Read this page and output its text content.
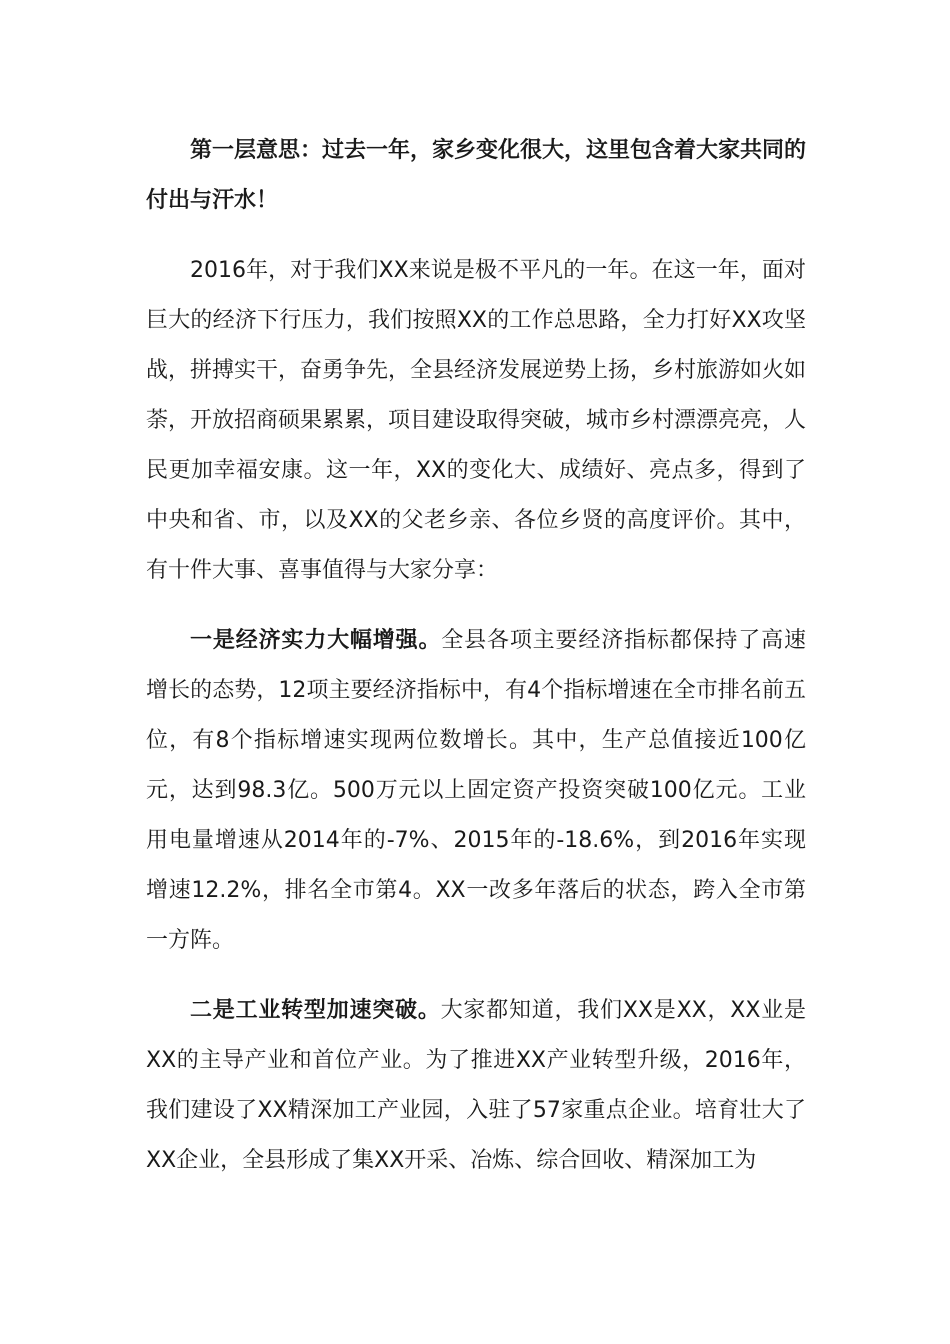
第一层意思：过去一年，家乡变化很大，这里包含着大家共同的付出与汗水！

2016年，对于我们XX来说是极不平凡的一年。在这一年，面对巨大的经济下行压力，我们按照XX的工作总思路，全力打好XX攻坚战，拼搏实干，奋勇争先，全县经济发展逆势上扬，乡村旅游如火如荼，开放招商硕果累累，项目建设取得突破，城市乡村漂漂亮亮，人民更加幸福安康。这一年，XX的变化大、成绩好、亮点多，得到了中央和省、市，以及XX的父老乡亲、各位乡贤的高度评价。其中，有十件大事、喜事值得与大家分享：

一是经济实力大幅增强。全县各项主要经济指标都保持了高速增长的态势，12项主要经济指标中，有4个指标增速在全市排名前五位，有8个指标增速实现两位数增长。其中，生产总值接近100亿元，达到98.3亿。500万元以上固定资产投资突破100亿元。工业用电量增速从2014年的-7%、2015年的-18.6%，到2016年实现增速12.2%，排名全市第4。XX一改多年落后的状态，跨入全市第一方阵。

二是工业转型加速突破。大家都知道，我们XX是XX，XX业是XX的主导产业和首位产业。为了推进XX产业转型升级，2016年，我们建设了XX精深加工产业园，入驻了57家重点企业。培育壮大了XX企业，全县形成了集XX开采、冶炼、综合回收、精深加工为
